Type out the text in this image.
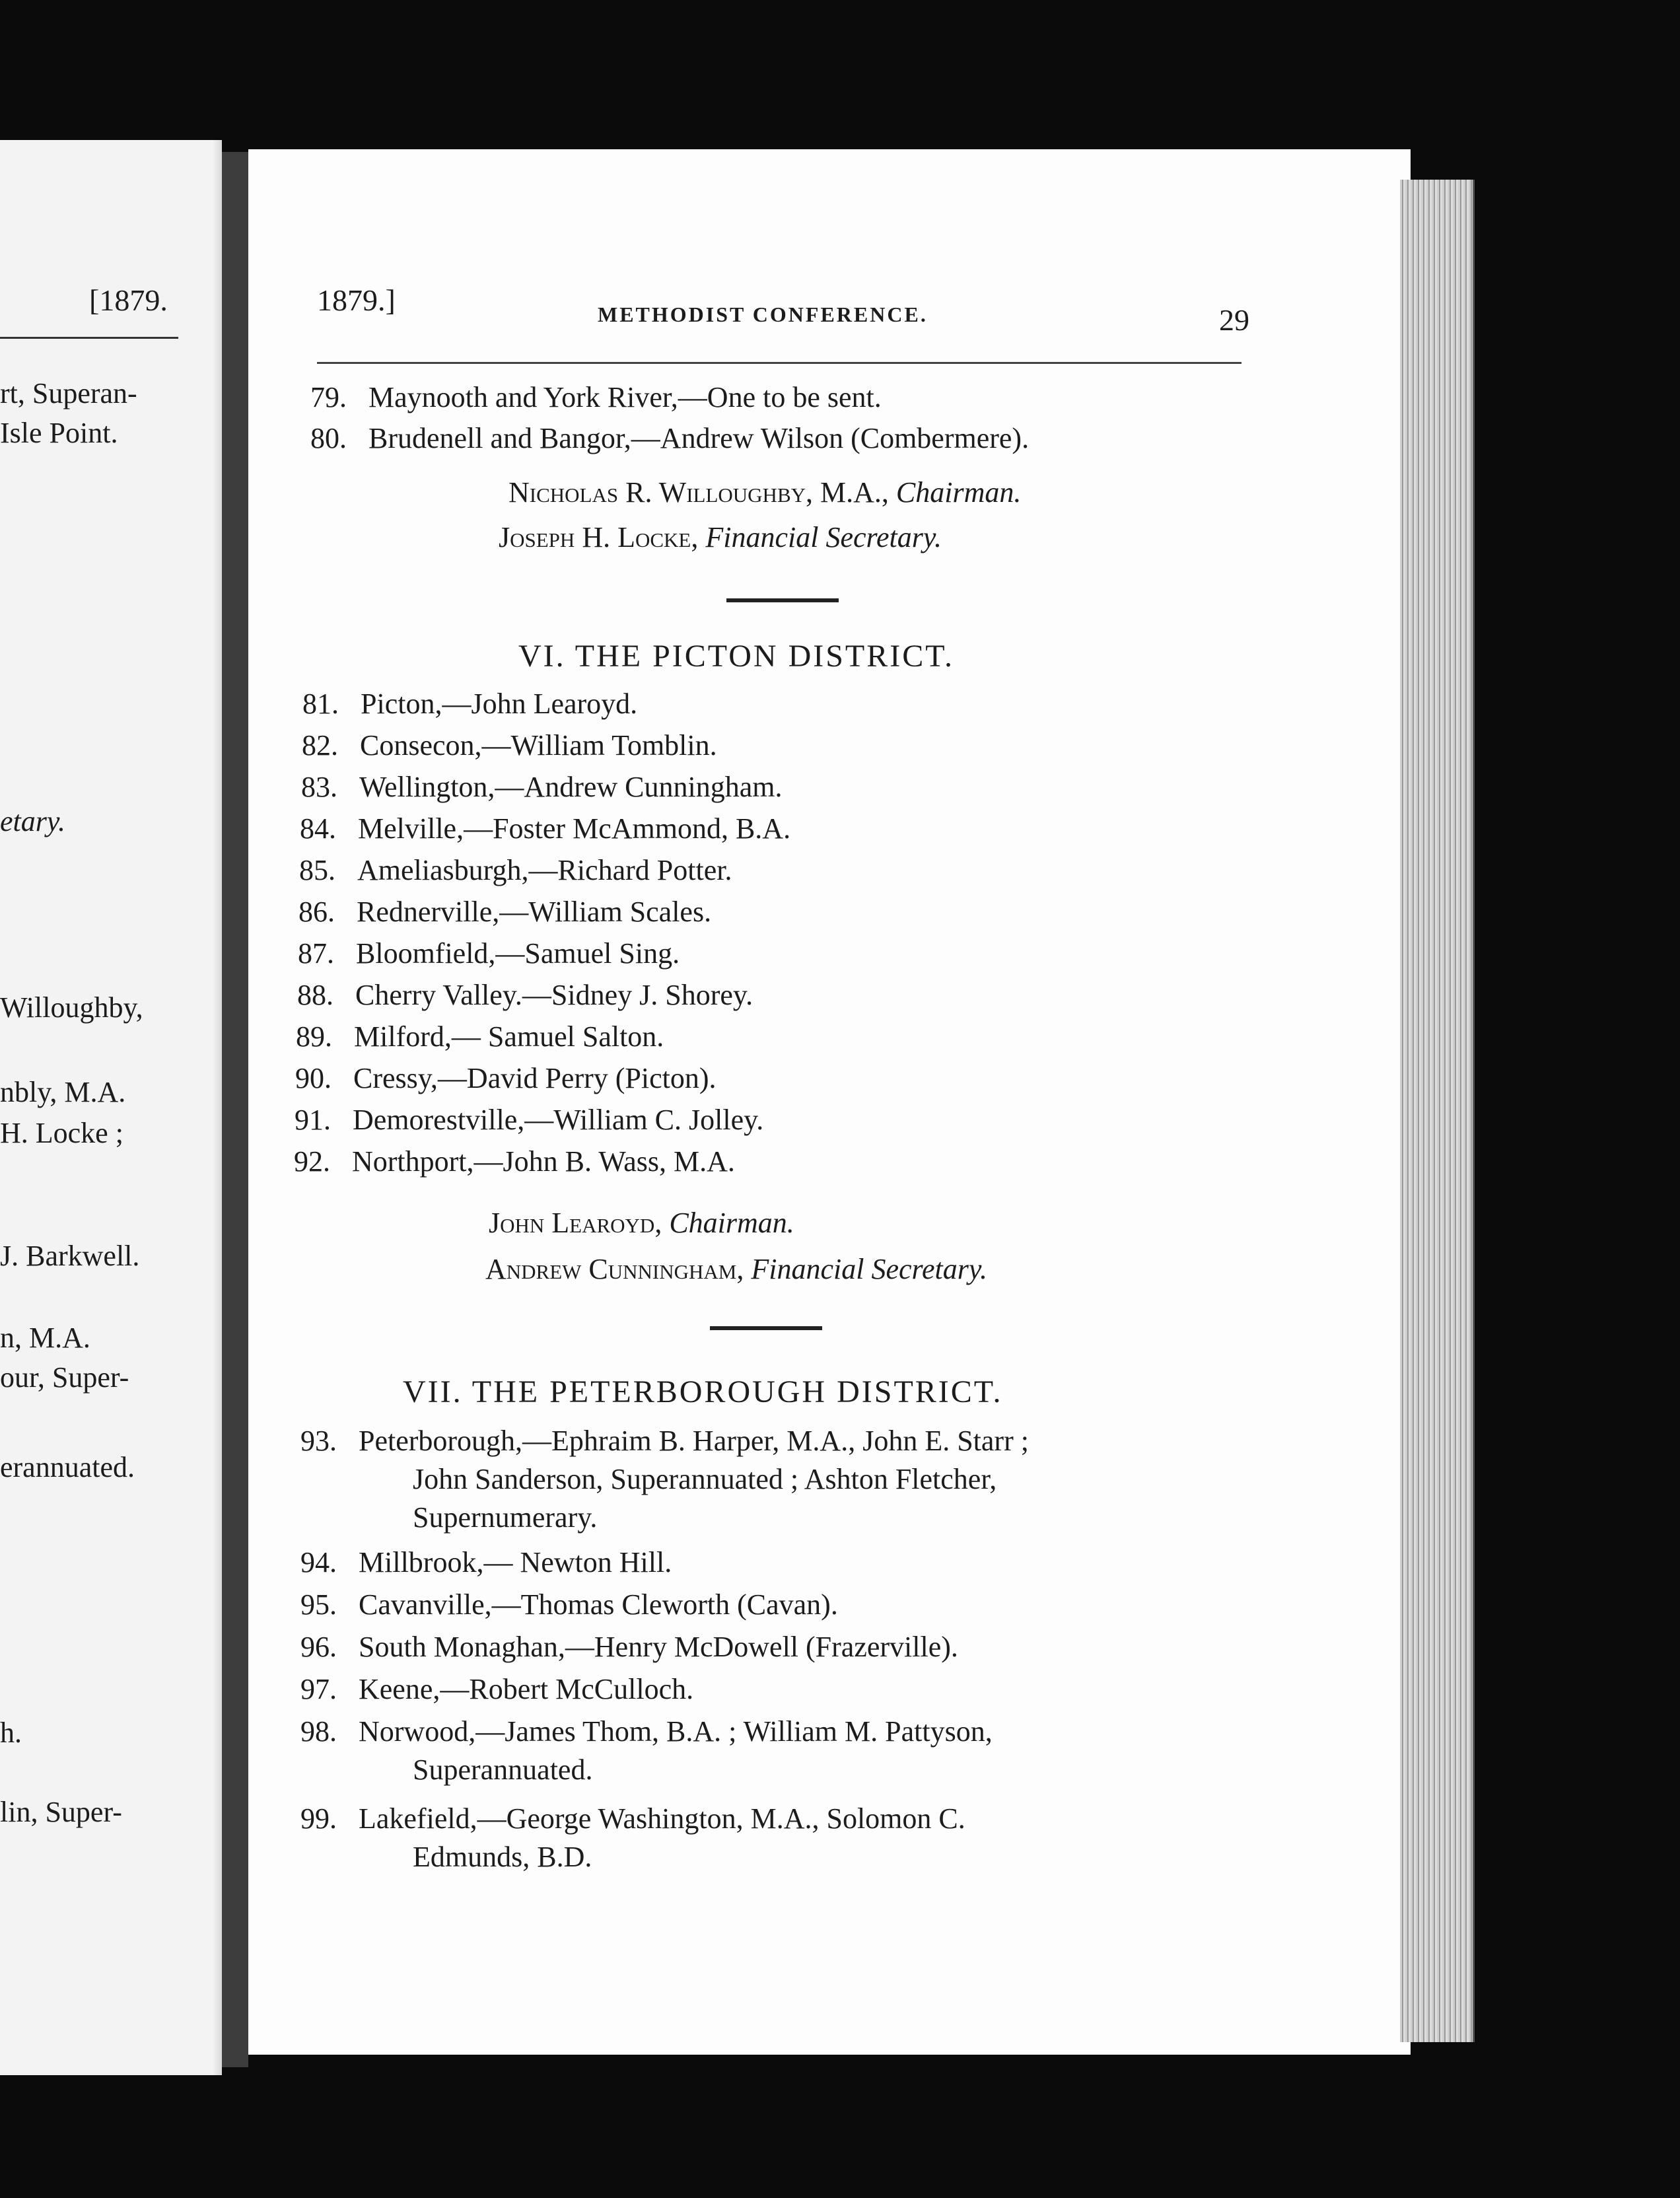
[1879.
rt, Superan-
Isle Point.
etary.
Willoughby,
nbly, M.A.
H. Locke ;
J. Barkwell.
n, M.A.
our, Super-
erannuated.
h.
lin, Super-
1879.]	METHODIST CONFERENCE.	29
79. Maynooth and York River,—One to be sent.
80. Brudenell and Bangor,—Andrew Wilson (Combermere).
Nicholas R. Willoughby, M.A., Chairman.
Joseph H. Locke, Financial Secretary.
VI. THE PICTON DISTRICT.
81. Picton,—John Learoyd.
82. Consecon,—William Tomblin.
83. Wellington,—Andrew Cunningham.
84. Melville,—Foster McAmmond, B.A.
85. Ameliasburgh,—Richard Potter.
86. Rednerville,—William Scales.
87. Bloomfield,—Samuel Sing.
88. Cherry Valley.—Sidney J. Shorey.
89. Milford,— Samuel Salton.
90. Cressy,—David Perry (Picton).
91. Demorestville,—William C. Jolley.
92. Northport,—John B. Wass, M.A.
John Learoyd, Chairman.
Andrew Cunningham, Financial Secretary.
VII. THE PETERBOROUGH DISTRICT.
93. Peterborough,—Ephraim B. Harper, M.A., John E. Starr ;
John Sanderson, Superannuated ; Ashton Fletcher,
Supernumerary.
94. Millbrook,— Newton Hill.
95. Cavanville,—Thomas Cleworth (Cavan).
96. South Monaghan,—Henry McDowell (Frazerville).
97. Keene,—Robert McCulloch.
98. Norwood,—James Thom, B.A. ; William M. Pattyson,
Superannuated.
99. Lakefield,—George Washington, M.A., Solomon C.
Edmunds, B.D.
